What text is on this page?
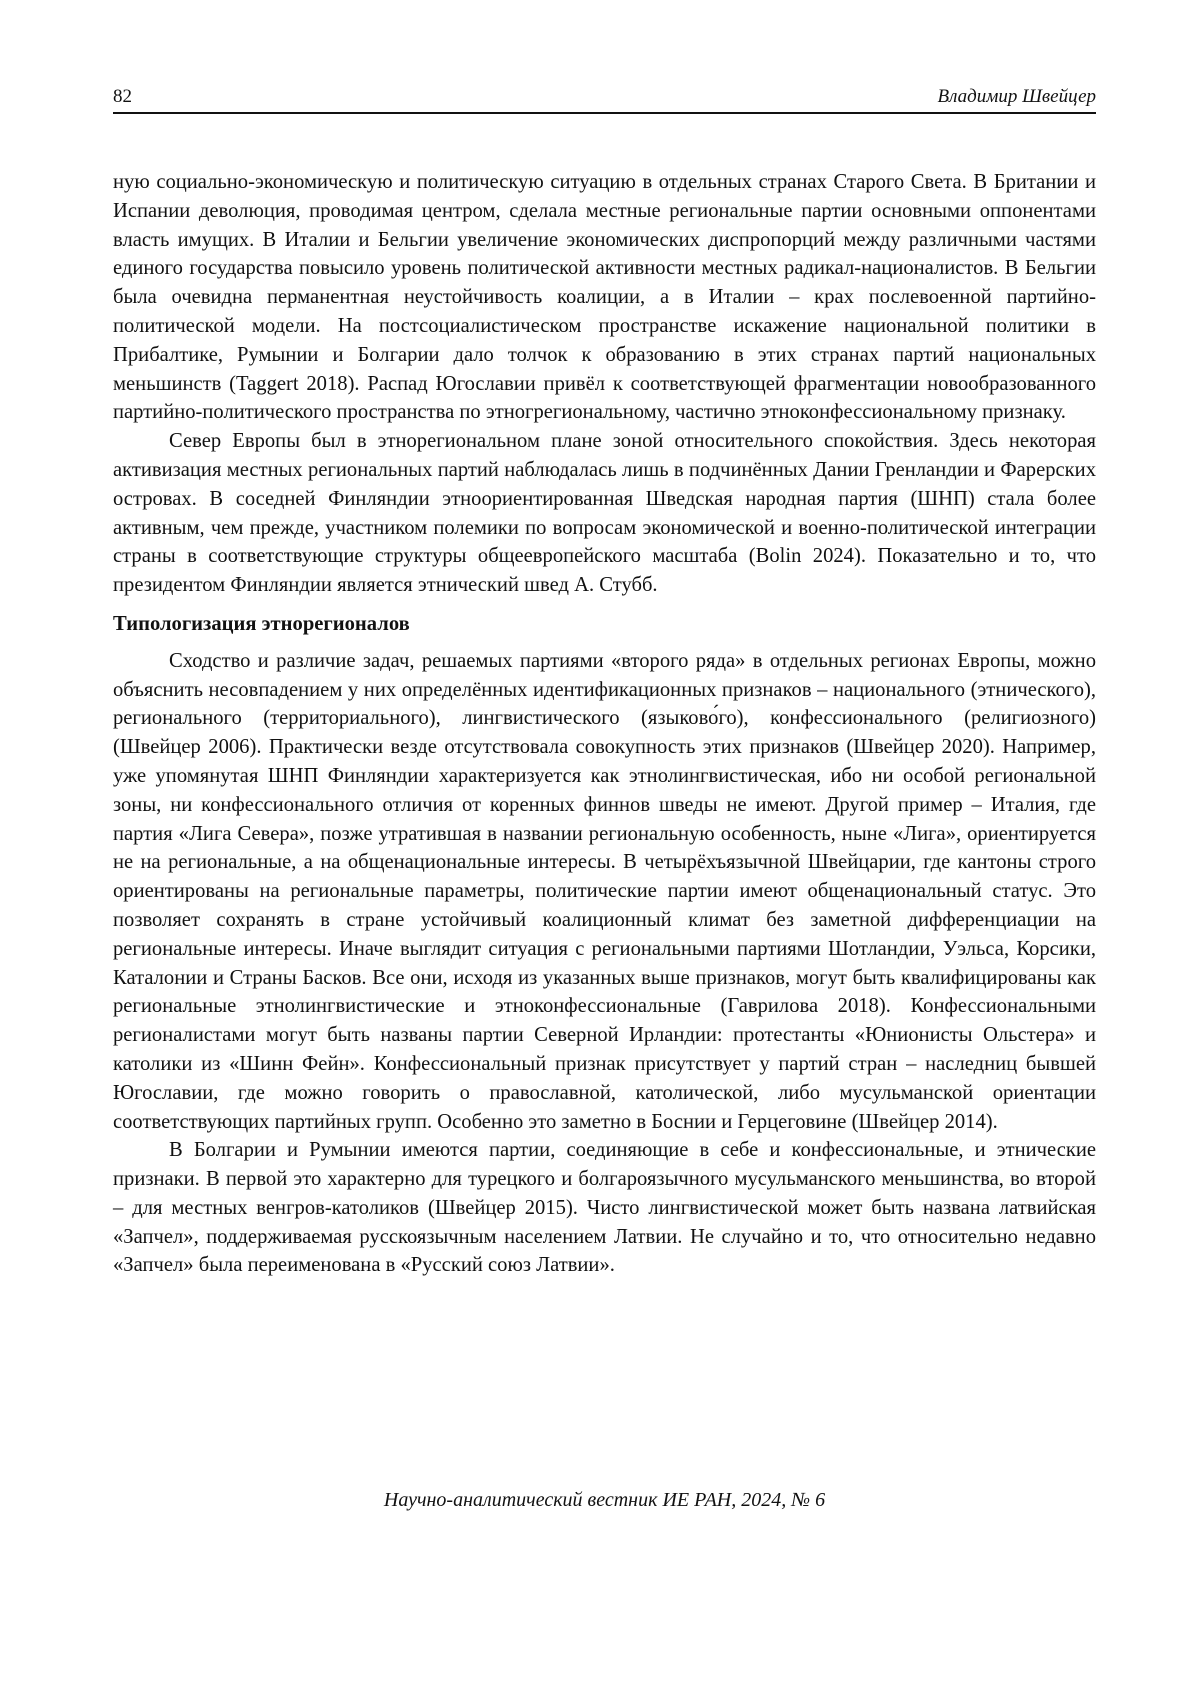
82	Владимир Швейцер

ную социально-экономическую и политическую ситуацию в отдельных странах Старого Света. В Британии и Испании деволюция, проводимая центром, сделала местные региональные партии основными оппонентами власть имущих. В Италии и Бельгии увеличение экономических диспропорций между различными частями единого государства повысило уровень политической активности местных радикал-националистов. В Бельгии была очевидна перманентная неустойчивость коалиции, а в Италии – крах послевоенной партийно-политической модели. На постсоциалистическом пространстве искажение национальной политики в Прибалтике, Румынии и Болгарии дало толчок к образованию в этих странах партий национальных меньшинств (Taggert 2018). Распад Югославии привёл к соответствующей фрагментации новообразованного партийно-политического пространства по этногрегиональному, частично этноконфессиональному признаку.

Север Европы был в этнорегиональном плане зоной относительного спокойствия. Здесь некоторая активизация местных региональных партий наблюдалась лишь в подчинённых Дании Гренландии и Фарерских островах. В соседней Финляндии этноориентированная Шведская народная партия (ШНП) стала более активным, чем прежде, участником полемики по вопросам экономической и военно-политической интеграции страны в соответствующие структуры общеевропейского масштаба (Bolin 2024). Показательно и то, что президентом Финляндии является этнический швед А. Стубб.

Типологизация этнорегионалов

Сходство и различие задач, решаемых партиями «второго ряда» в отдельных регионах Европы, можно объяснить несовпадением у них определённых идентификационных признаков – национального (этнического), регионального (территориального), лингвистического (языково́го), конфессионального (религиозного) (Швейцер 2006). Практически везде отсутствовала совокупность этих признаков (Швейцер 2020). Например, уже упомянутая ШНП Финляндии характеризуется как этнолингвистическая, ибо ни особой региональной зоны, ни конфессионального отличия от коренных финнов шведы не имеют. Другой пример – Италия, где партия «Лига Севера», позже утратившая в названии региональную особенность, ныне «Лига», ориентируется не на региональные, а на общенациональные интересы. В четырёхъязычной Швейцарии, где кантоны строго ориентированы на региональные параметры, политические партии имеют общенациональный статус. Это позволяет сохранять в стране устойчивый коалиционный климат без заметной дифференциации на региональные интересы. Иначе выглядит ситуация с региональными партиями Шотландии, Уэльса, Корсики, Каталонии и Страны Басков. Все они, исходя из указанных выше признаков, могут быть квалифицированы как региональные этнолингвистические и этноконфессиональные (Гаврилова 2018). Конфессиональными регионалистами могут быть названы партии Северной Ирландии: протестанты «Юнионисты Ольстера» и католики из «Шинн Фейн». Конфессиональный признак присутствует у партий стран – наследниц бывшей Югославии, где можно говорить о православной, католической, либо мусульманской ориентации соответствующих партийных групп. Особенно это заметно в Боснии и Герцеговине (Швейцер 2014).

В Болгарии и Румынии имеются партии, соединяющие в себе и конфессиональные, и этнические признаки. В первой это характерно для турецкого и болгароязычного мусульманского меньшинства, во второй – для местных венгров-католиков (Швейцер 2015). Чисто лингвистической может быть названа латвийская «Запчел», поддерживаемая русскоязычным населением Латвии. Не случайно и то, что относительно недавно «Запчел» была переименована в «Русский союз Латвии».

Научно-аналитический вестник ИЕ РАН, 2024, № 6
